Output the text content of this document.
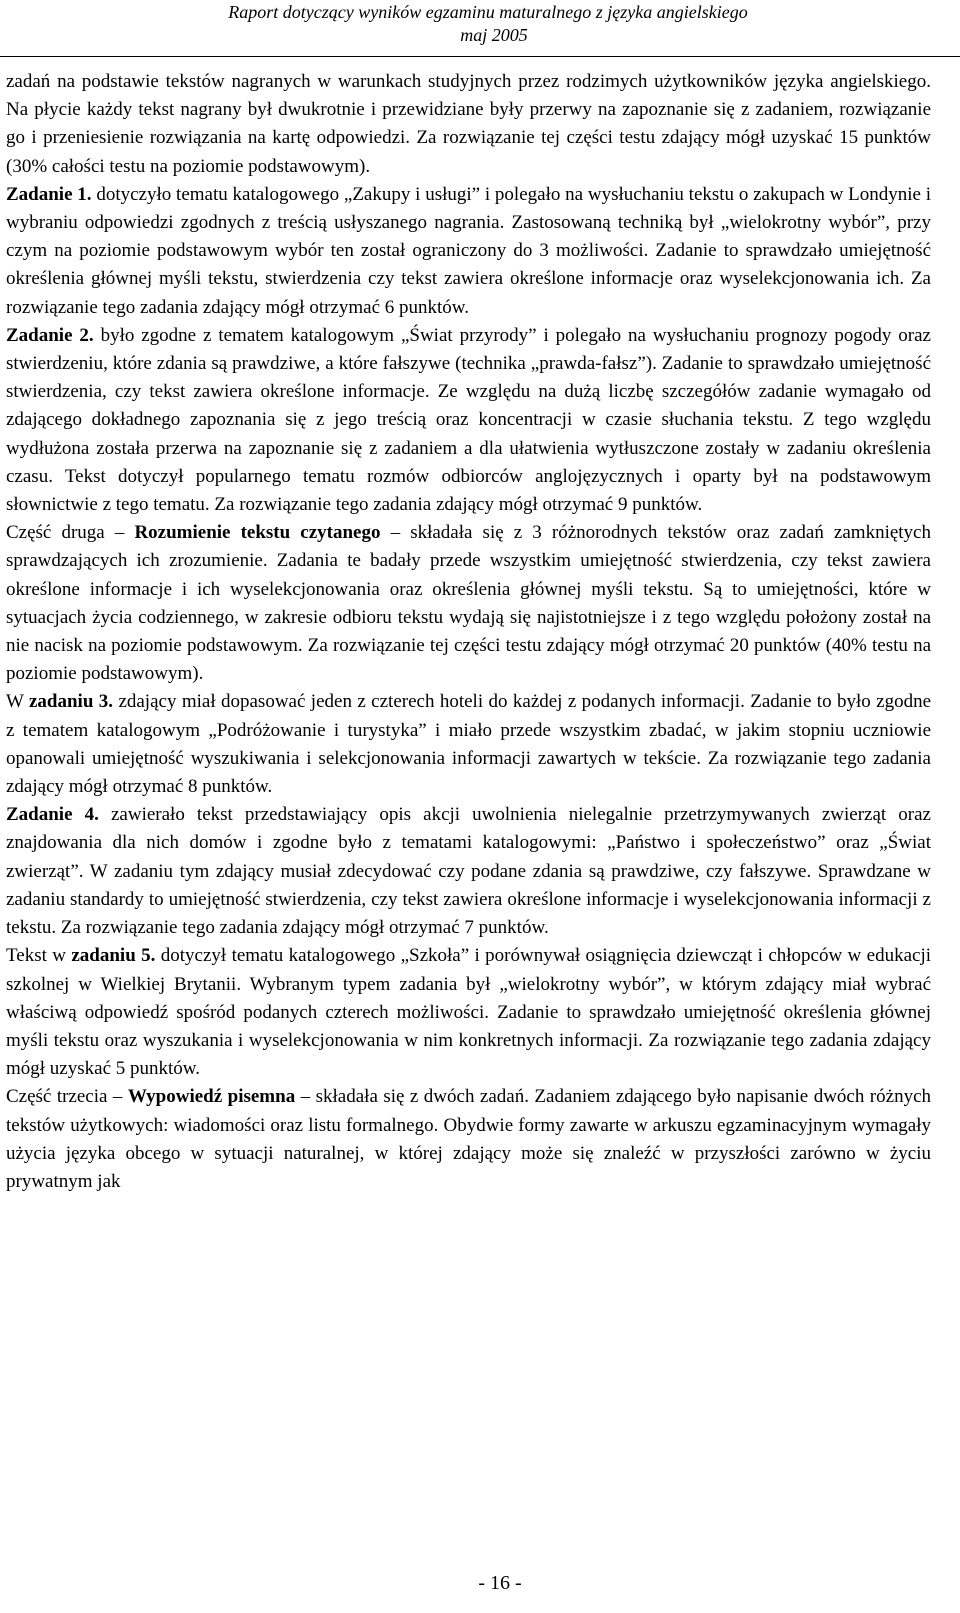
Raport dotyczący wyników egzaminu maturalnego z języka angielskiego
maj 2005

zadań na podstawie tekstów nagranych w warunkach studyjnych przez rodzimych użytkowników języka angielskiego. Na płycie każdy tekst nagrany był dwukrotnie i przewidziane były przerwy na zapoznanie się z zadaniem, rozwiązanie go i przeniesienie rozwiązania na kartę odpowiedzi. Za rozwiązanie tej części testu zdający mógł uzyskać 15 punktów (30% całości testu na poziomie podstawowym).

Zadanie 1. dotyczyło tematu katalogowego „Zakupy i usługi” i polegało na wysłuchaniu tekstu o zakupach w Londynie i wybraniu odpowiedzi zgodnych z treścią usłyszanego nagrania. Zastosowaną techniką był „wielokrotny wybór”, przy czym na poziomie podstawowym wybór ten został ograniczony do 3 możliwości. Zadanie to sprawdzało umiejętność określenia głównej myśli tekstu, stwierdzenia czy tekst zawiera określone informacje oraz wyselekcjonowania ich. Za rozwiązanie tego zadania zdający mógł otrzymać 6 punktów.

Zadanie 2. było zgodne z tematem katalogowym „Świat przyrody” i polegało na wysłuchaniu prognozy pogody oraz stwierdzeniu, które zdania są prawdziwe, a które fałszywe (technika „prawda-fałsz”). Zadanie to sprawdzało umiejętność stwierdzenia, czy tekst zawiera określone informacje. Ze względu na dużą liczbę szczegółów zadanie wymagało od zdającego dokładnego zapoznania się z jego treścią oraz koncentracji w czasie słuchania tekstu. Z tego względu wydłużona została przerwa na zapoznanie się z zadaniem a dla ułatwienia wytłuszczone zostały w zadaniu określenia czasu. Tekst dotyczył popularnego tematu rozmów odbiorców anglojęzycznych i oparty był na podstawowym słownictwie z tego tematu. Za rozwiązanie tego zadania zdający mógł otrzymać 9 punktów.

Część druga – Rozumienie tekstu czytanego – składała się z 3 różnorodnych tekstów oraz zadań zamkniętych sprawdzających ich zrozumienie. Zadania te badały przede wszystkim umiejętność stwierdzenia, czy tekst zawiera określone informacje i ich wyselekcjonowania oraz określenia głównej myśli tekstu. Są to umiejętności, które w sytuacjach życia codziennego, w zakresie odbioru tekstu wydają się najistotniejsze i z tego względu położony został na nie nacisk na poziomie podstawowym. Za rozwiązanie tej części testu zdający mógł otrzymać 20 punktów (40% testu na poziomie podstawowym).

W zadaniu 3. zdający miał dopasować jeden z czterech hoteli do każdej z podanych informacji. Zadanie to było zgodne z tematem katalogowym „Podróżowanie i turystyka” i miało przede wszystkim zbadać, w jakim stopniu uczniowie opanowali umiejętność wyszukiwania i selekcjonowania informacji zawartych w tekście. Za rozwiązanie tego zadania zdający mógł otrzymać 8 punktów.

Zadanie 4. zawierało tekst przedstawiający opis akcji uwolnienia nielegalnie przetrzymywanych zwierząt oraz znajdowania dla nich domów i zgodne było z tematami katalogowymi: „Państwo i społeczeństwo” oraz „Świat zwierząt”. W zadaniu tym zdający musiał zdecydować czy podane zdania są prawdziwe, czy fałszywe. Sprawdzane w zadaniu standardy to umiejętność stwierdzenia, czy tekst zawiera określone informacje i wyselekcjonowania informacji z tekstu. Za rozwiązanie tego zadania zdający mógł otrzymać 7 punktów.

Tekst w zadaniu 5. dotyczył tematu katalogowego „Szkoła” i porównywał osiągnięcia dziewcząt i chłopców w edukacji szkolnej w Wielkiej Brytanii. Wybranym typem zadania był „wielokrotny wybór”, w którym zdający miał wybrać właściwą odpowiedź spośród podanych czterech możliwości. Zadanie to sprawdzało umiejętność określenia głównej myśli tekstu oraz wyszukania i wyselekcjonowania w nim konkretnych informacji. Za rozwiązanie tego zadania zdający mógł uzyskać 5 punktów.

Część trzecia – Wypowiedź pisemna – składała się z dwóch zadań. Zadaniem zdającego było napisanie dwóch różnych tekstów użytkowych: wiadomości oraz listu formalnego. Obydwie formy zawarte w arkuszu egzaminacyjnym wymagały użycia języka obcego w sytuacji naturalnej, w której zdający może się znaleźć w przyszłości zarówno w życiu prywatnym jak

- 16 -
